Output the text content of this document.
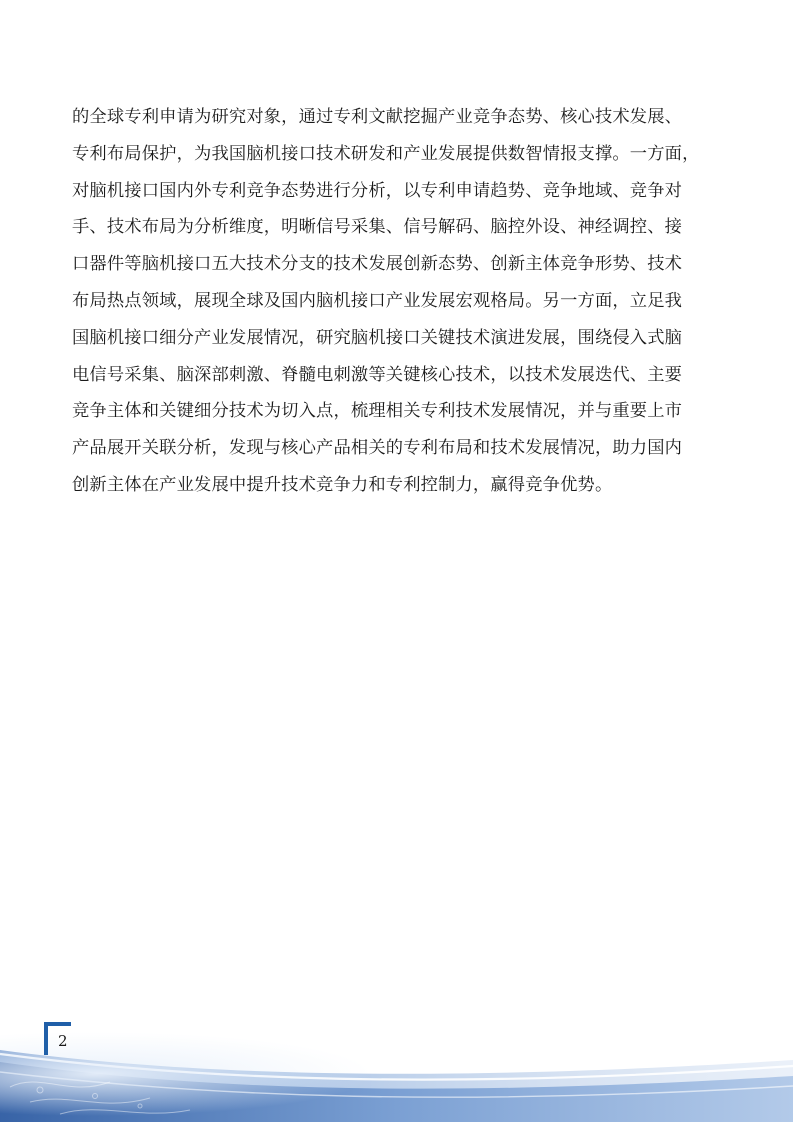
的全球专利申请为研究对象，通过专利文献挖掘产业竞争态势、核心技术发展、
专利布局保护，为我国脑机接口技术研发和产业发展提供数智情报支撑。一方面，
对脑机接口国内外专利竞争态势进行分析，以专利申请趋势、竞争地域、竞争对
手、技术布局为分析维度，明晰信号采集、信号解码、脑控外设、神经调控、接
口器件等脑机接口五大技术分支的技术发展创新态势、创新主体竞争形势、技术
布局热点领域，展现全球及国内脑机接口产业发展宏观格局。另一方面，立足我
国脑机接口细分产业发展情况，研究脑机接口关键技术演进发展，围绕侵入式脑
电信号采集、脑深部刺激、脊髓电刺激等关键核心技术，以技术发展迭代、主要
竞争主体和关键细分技术为切入点，梳理相关专利技术发展情况，并与重要上市
产品展开关联分析，发现与核心产品相关的专利布局和技术发展情况，助力国内
创新主体在产业发展中提升技术竞争力和专利控制力，赢得竞争优势。
2
